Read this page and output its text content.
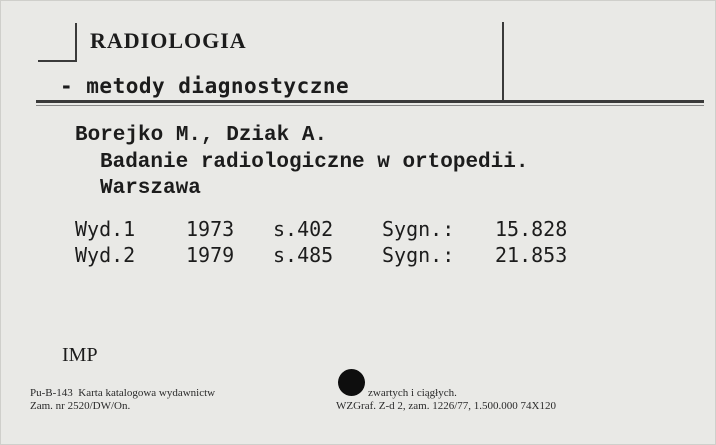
RADIOLOGIA
- metody diagnostyczne
Borejko M., Dziak A.
Badanie radiologiczne w ortopedii.
Warszawa
Wyd.1	1973 s.402 Sygn.: 15.828
Wyd.2	1979 s.485 Sygn.: 21.853
IMP
Pu-B-143  Karta katalogowa wydawnictw	zwartych i ciągłych.
Zam. nr 2520/DW/On.	WZGraf. Z-d 2, zam. 1226/77, 1.500.000 74X120
